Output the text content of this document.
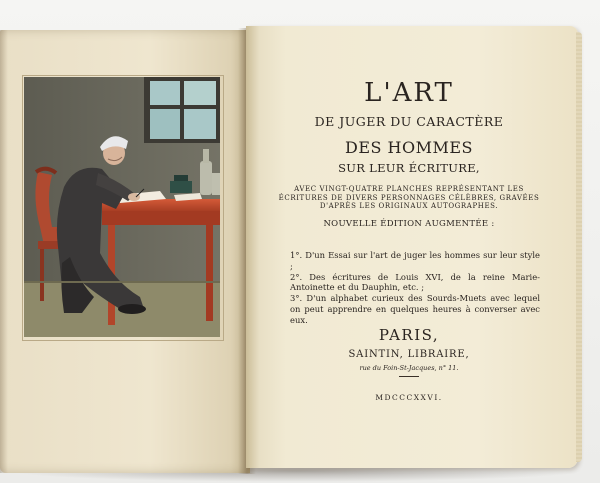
L'ART
DE JUGER DU CARACTÈRE
DES HOMMES
SUR LEUR ÉCRITURE,
AVEC VINGT-QUATRE PLANCHES REPRÉSENTANT LES ÉCRITURES DE DIVERS PERSONNAGES CÉLÈBRES, GRAVÉES D'APRÈS LES ORIGINAUX AUTOGRAPHES.
NOUVELLE ÉDITION AUGMENTÉE :
1°. D'un Essai sur l'art de juger les hommes sur leur style ;
2°. Des écritures de Louis XVI, de la reine Marie-Antoinette et du Dauphin, etc. ;
3°. D'un alphabet curieux des Sourds-Muets avec lequel on peut apprendre en quelques heures à converser avec eux.
PARIS,
SAINTIN, LIBRAIRE,
rue du Foin-St-Jacques, n° 11.
MDCCCXXVI.
